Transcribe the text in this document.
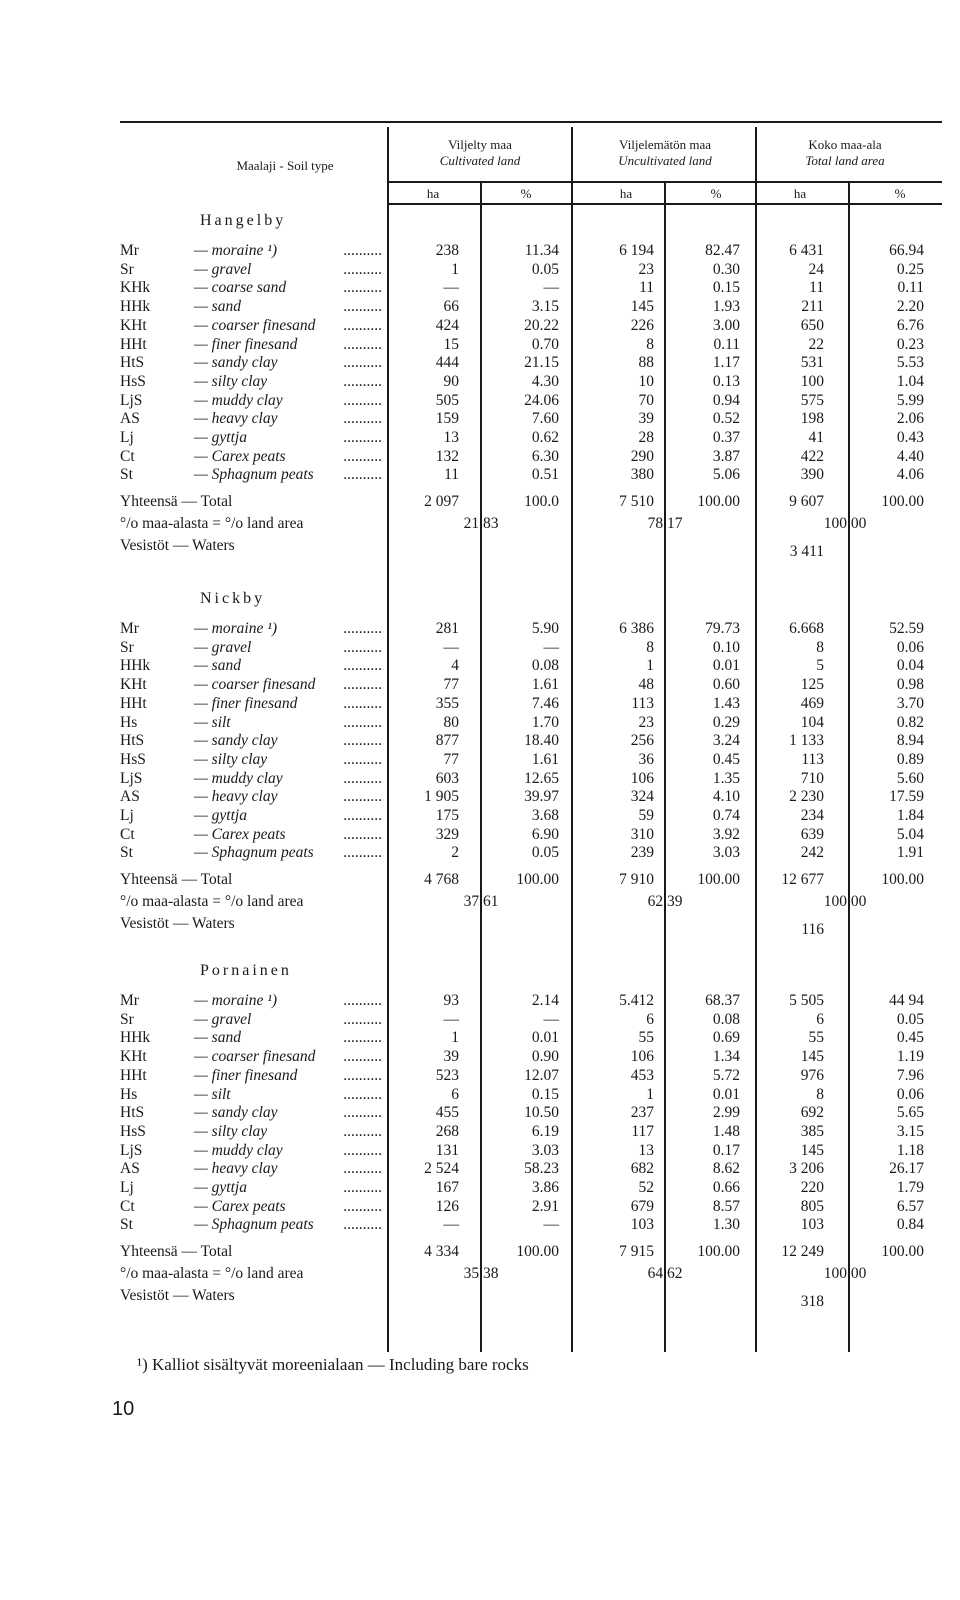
Maalaji - Soil type
Viljelty maa
Cultivated land
Viljelemätön maa
Uncultivated land
Koko maa-ala
Total land area
ha	%	ha	%	ha	%
Hangelby
Mr	— moraine ¹)	..........	238	11.34	6 194	82.47	6 431	66.94
Sr	— gravel	..........	1	0.05	23	0.30	24	0.25
KHk	— coarse sand	..........	—	—	11	0.15	11	0.11
HHk	— sand	..........	66	3.15	145	1.93	211	2.20
KHt	— coarser finesand ..........	424	20.22	226	3.00	650	6.76
HHt	— finer finesand	..........	15	0.70	8	0.11	22	0.23
HtS	— sandy clay	..........	444	21.15	88	1.17	531	5.53
HsS	— silty clay	..........	90	4.30	10	0.13	100	1.04
LjS	— muddy clay	..........	505	24.06	70	0.94	575	5.99
AS	— heavy clay	..........	159	7.60	39	0.52	198	2.06
Lj	— gyttja	..........	13	0.62	28	0.37	41	0.43
Ct	— Carex peats	..........	132	6.30	290	3.87	422	4.40
St	— Sphagnum peats ..........	11	0.51	380	5.06	390	4.06
Yhteensä — Total	2 097	100.0	7 510	100.00	9 607	100.00
°/o maa-alasta = °/o land area	21.83	78.17	100.00
Vesistöt — Waters	3 411
Nickby
Mr	— moraine ¹)	..........	281	5.90	6 386	79.73	6.668	52.59
Sr	— gravel	..........	—	—	8	0.10	8	0.06
HHk	— sand	..........	4	0.08	1	0.01	5	0.04
KHt	— coarser finesand ..........	77	1.61	48	0.60	125	0.98
HHt	— finer finesand	..........	355	7.46	113	1.43	469	3.70
Hs	— silt	..........	80	1.70	23	0.29	104	0.82
HtS	— sandy clay	..........	877	18.40	256	3.24	1 133	8.94
HsS	— silty clay	..........	77	1.61	36	0.45	113	0.89
LjS	— muddy clay	..........	603	12.65	106	1.35	710	5.60
AS	— heavy clay	..........	1 905	39.97	324	4.10	2 230	17.59
Lj	— gyttja	..........	175	3.68	59	0.74	234	1.84
Ct	— Carex peats	..........	329	6.90	310	3.92	639	5.04
St	— Sphagnum peats ..........	2	0.05	239	3.03	242	1.91
Yhteensä — Total	4 768	100.00	7 910	100.00	12 677	100.00
°/o maa-alasta = °/o land area	37.61	62.39	100.00
Vesistöt — Waters	116
Pornainen
Mr	— moraine ¹)	..........	93	2.14	5.412	68.37	5 505	44 94
Sr	— gravel	..........	—	—	6	0.08	6	0.05
HHk	— sand	..........	1	0.01	55	0.69	55	0.45
KHt	— coarser finesand ..........	39	0.90	106	1.34	145	1.19
HHt	— finer finesand	..........	523	12.07	453	5.72	976	7.96
Hs	— silt	..........	6	0.15	1	0.01	8	0.06
HtS	— sandy clay	..........	455	10.50	237	2.99	692	5.65
HsS	— silty clay	..........	268	6.19	117	1.48	385	3.15
LjS	— muddy clay	..........	131	3.03	13	0.17	145	1.18
AS	— heavy clay	..........	2 524	58.23	682	8.62	3 206	26.17
Lj	— gyttja	..........	167	3.86	52	0.66	220	1.79
Ct	— Carex peats	..........	126	2.91	679	8.57	805	6.57
St	— Sphagnum peats ..........	—	—	103	1.30	103	0.84
Yhteensä — Total	4 334	100.00	7 915	100.00	12 249	100.00
°/o maa-alasta = °/o land area	35.38	64.62	100.00
Vesistöt — Waters	318
¹) Kalliot sisältyvät moreenialaan — Including bare rocks
10
